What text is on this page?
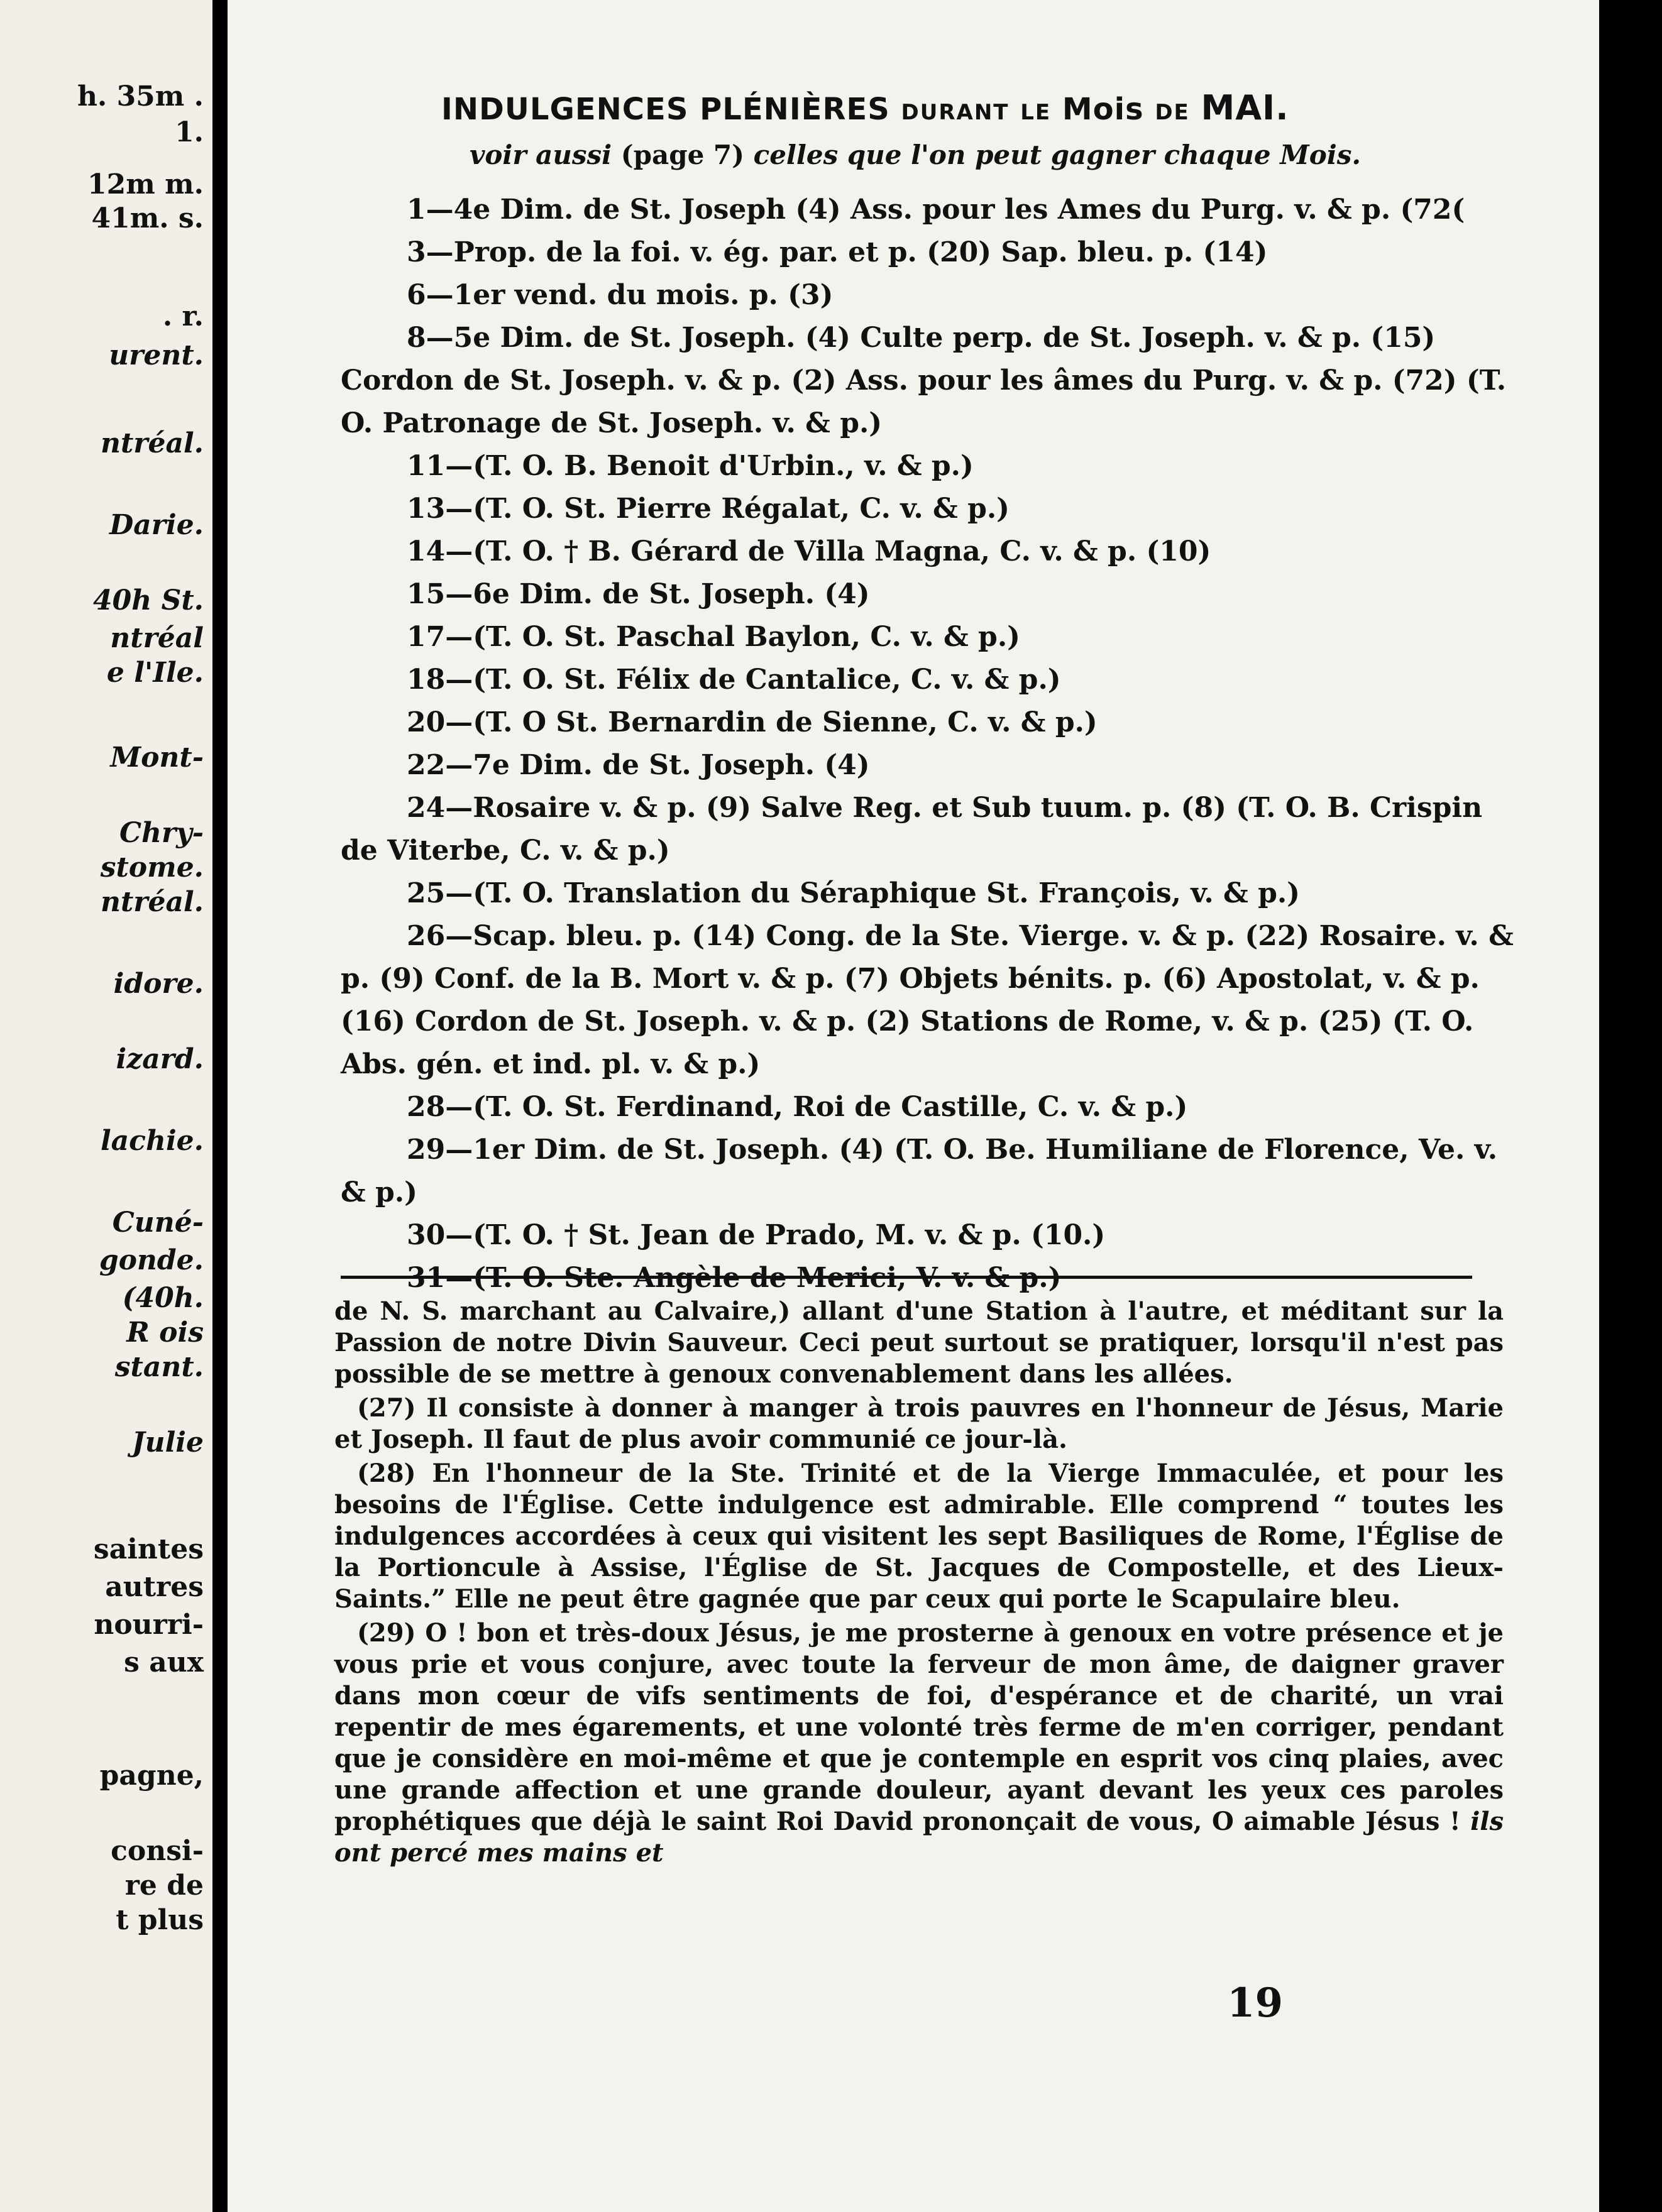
h. 35m .
1.
12m m.
41m. s.
. r.
urent.
ntréal.
Darie.
40h St.
ntréal
e l'Ile.
Mont-
Chry-
stome.
ntréal.
idore.
izard.
lachie.
Cuné-
gonde.
(40h.
R ois
stant.
Julie
saintes
autres
nourri-
s aux
pagne,
consi-
re de
t plus
INDULGENCES PLÉNIÈRES DURANT LE Mois DE MAI.
voir aussi (page 7) celles que l'on peut gagner chaque Mois.
1—4e Dim. de St. Joseph (4) Ass. pour les Ames du Purg. v. & p. (72(
3—Prop. de la foi. v. ég. par. et p. (20) Sap. bleu. p. (14)
6—1er vend. du mois. p. (3)
8—5e Dim. de St. Joseph. (4) Culte perp. de St. Joseph. v. & p. (15) Cordon de St. Joseph. v. & p. (2) Ass. pour les âmes du Purg. v. & p. (72) (T. O. Patronage de St. Joseph. v. & p.)
11—(T. O. B. Benoit d'Urbin., v. & p.)
13—(T. O. St. Pierre Régalat, C. v. & p.)
14—(T. O. † B. Gérard de Villa Magna, C. v. & p. (10)
15—6e Dim. de St. Joseph. (4)
17—(T. O. St. Paschal Baylon, C. v. & p.)
18—(T. O. St. Félix de Cantalice, C. v. & p.)
20—(T. O St. Bernardin de Sienne, C. v. & p.)
22—7e Dim. de St. Joseph. (4)
24—Rosaire v. & p. (9) Salve Reg. et Sub tuum. p. (8) (T. O. B. Crispin de Viterbe, C. v. & p.)
25—(T. O. Translation du Séraphique St. François, v. & p.)
26—Scap. bleu. p. (14) Cong. de la Ste. Vierge. v. & p. (22) Rosaire. v. & p. (9) Conf. de la B. Mort v. & p. (7) Objets bénits. p. (6) Apostolat, v. & p. (16) Cordon de St. Joseph. v. & p. (2) Stations de Rome, v. & p. (25) (T. O. Abs. gén. et ind. pl. v. & p.)
28—(T. O. St. Ferdinand, Roi de Castille, C. v. & p.)
29—1er Dim. de St. Joseph. (4) (T. O. Be. Humiliane de Florence, Ve. v. & p.)
30—(T. O. † St. Jean de Prado, M. v. & p. (10.)
31—(T. O. Ste. Angèle de Merici, V. v. & p.)

de N. S. marchant au Calvaire,) allant d'une Station à l'autre, et méditant sur la Passion de notre Divin Sauveur. Ceci peut surtout se pratiquer, lorsqu'il n'est pas possible de se mettre à genoux convenablement dans les allées.

(27) Il consiste à donner à manger à trois pauvres en l'honneur de Jésus, Marie et Joseph. Il faut de plus avoir communié ce jour-là.

(28) En l'honneur de la Ste. Trinité et de la Vierge Immaculée, et pour les besoins de l'Église. Cette indulgence est admirable. Elle comprend “ toutes les indulgences accordées à ceux qui visitent les sept Basiliques de Rome, l'Église de la Portioncule à Assise, l'Église de St. Jacques de Compostelle, et des Lieux-Saints.” Elle ne peut être gagnée que par ceux qui porte le Scapulaire bleu.

(29) O ! bon et très-doux Jésus, je me prosterne à genoux en votre présence et je vous prie et vous conjure, avec toute la ferveur de mon âme, de daigner graver dans mon cœur de vifs sentiments de foi, d'espérance et de charité, un vrai repentir de mes égarements, et une volonté très ferme de m'en corriger, pendant que je considère en moi-même et que je contemple en esprit vos cinq plaies, avec une grande affection et une grande douleur, ayant devant les yeux ces paroles prophétiques que déjà le saint Roi David prononçait de vous, O aimable Jésus ! ils ont percé mes mains et

19
